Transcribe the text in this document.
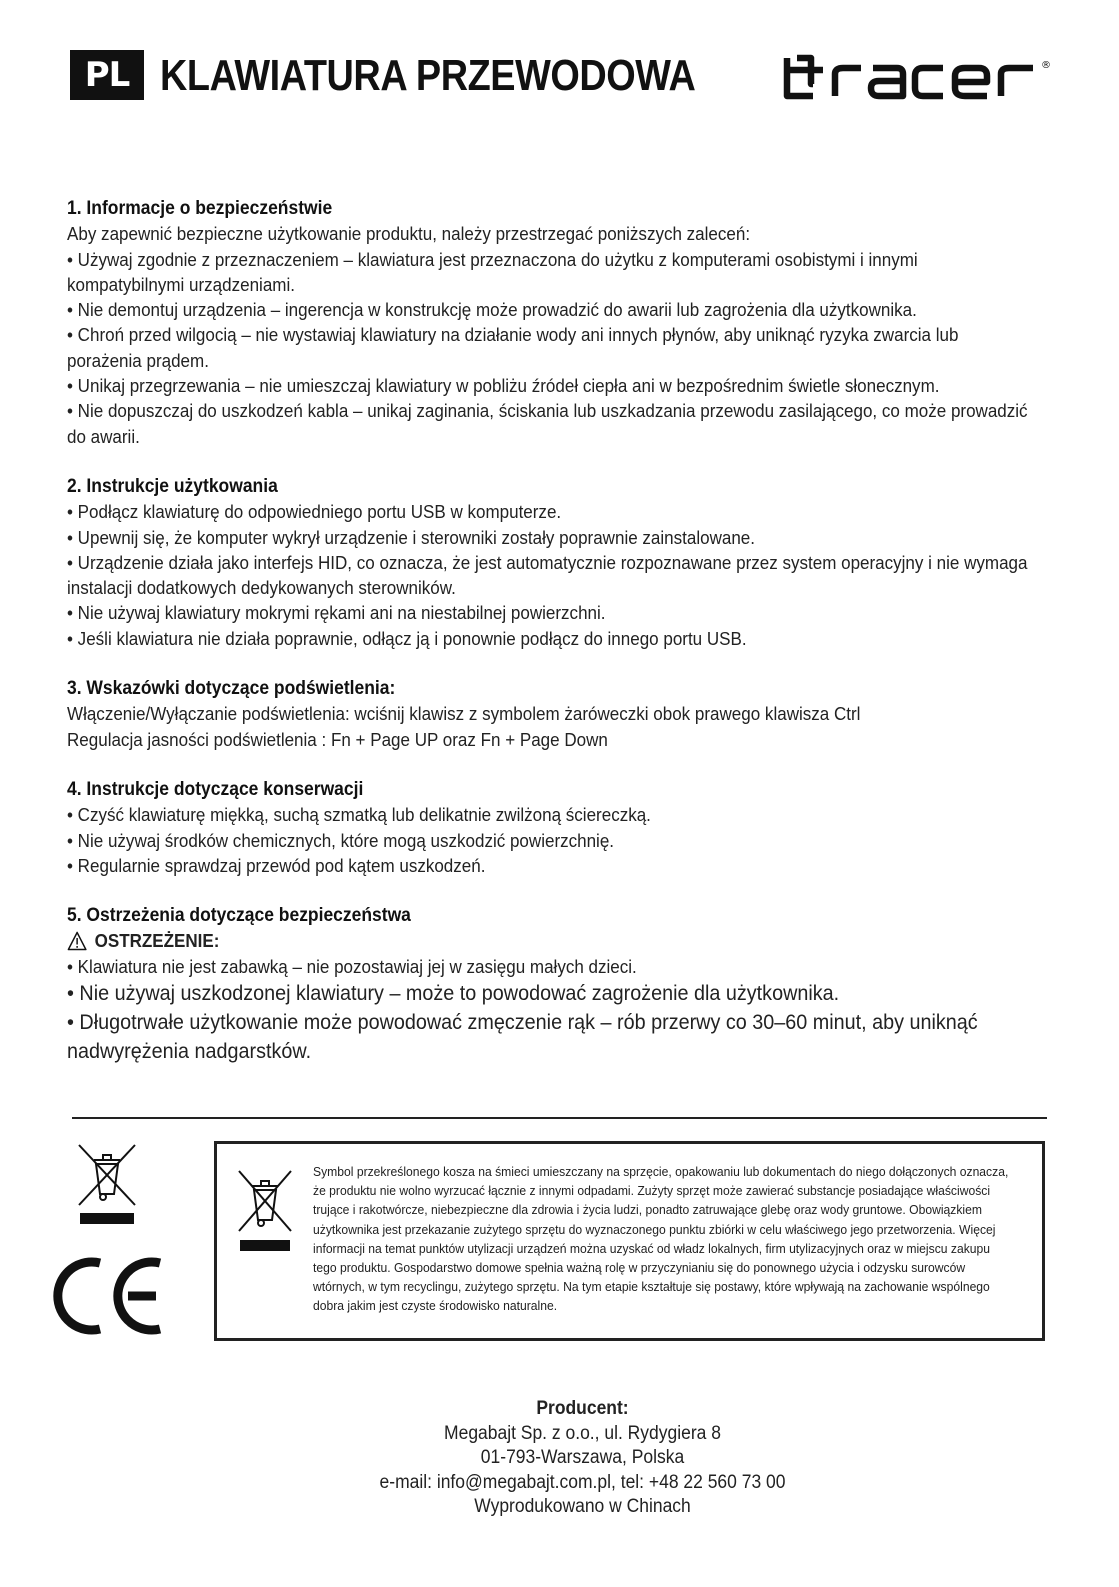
PL KLAWIATURA PRZEWODOWA	®
1. Informacje o bezpieczeństwie

Aby zapewnić bezpieczne użytkowanie produktu, należy przestrzegać poniższych zaleceń:

• Używaj zgodnie z przeznaczeniem – klawiatura jest przeznaczona do użytku z komputerami osobistymi i innymi kompatybilnymi urządzeniami.

• Nie demontuj urządzenia – ingerencja w konstrukcję może prowadzić do awarii lub zagrożenia dla użytkownika.

• Chroń przed wilgocią – nie wystawiaj klawiatury na działanie wody ani innych płynów, aby uniknąć ryzyka zwarcia lub porażenia prądem.

• Unikaj przegrzewania – nie umieszczaj klawiatury w pobliżu źródeł ciepła ani w bezpośrednim świetle słonecznym.

• Nie dopuszczaj do uszkodzeń kabla – unikaj zaginania, ściskania lub uszkadzania przewodu zasilającego, co może prowadzić do awarii.

2. Instrukcje użytkowania

• Podłącz klawiaturę do odpowiedniego portu USB w komputerze.

• Upewnij się, że komputer wykrył urządzenie i sterowniki zostały poprawnie zainstalowane.

• Urządzenie działa jako interfejs HID, co oznacza, że jest automatycznie rozpoznawane przez system operacyjny i nie wymaga instalacji dodatkowych dedykowanych sterowników.

• Nie używaj klawiatury mokrymi rękami ani na niestabilnej powierzchni.

• Jeśli klawiatura nie działa poprawnie, odłącz ją i ponownie podłącz do innego portu USB.

3. Wskazówki dotyczące podświetlenia:

Włączenie/Wyłączanie podświetlenia: wciśnij klawisz z symbolem żaróweczki obok prawego klawisza Ctrl

Regulacja jasności podświetlenia : Fn + Page UP oraz Fn + Page Down

4. Instrukcje dotyczące konserwacji

• Czyść klawiaturę miękką, suchą szmatką lub delikatnie zwilżoną ściereczką.

• Nie używaj środków chemicznych, które mogą uszkodzić powierzchnię.

• Regularnie sprawdzaj przewód pod kątem uszkodzeń.

5. Ostrzeżenia dotyczące bezpieczeństwa
OSTRZEŻENIE:

• Klawiatura nie jest zabawką – nie pozostawiaj jej w zasięgu małych dzieci.

• Nie używaj uszkodzonej klawiatury – może to powodować zagrożenie dla użytkownika.

• Długotrwałe użytkowanie może powodować zmęczenie rąk – rób przerwy co 30–60 minut, aby uniknąć nadwyrężenia nadgarstków.

Symbol przekreślonego kosza na śmieci umieszczany na sprzęcie, opakowaniu lub dokumentach do niego dołączonych oznacza, że produktu nie wolno wyrzucać łącznie z innymi odpadami. Zużyty sprzęt może zawierać substancje posiadające właściwości trujące i rakotwórcze, niebezpieczne dla zdrowia i życia ludzi, ponadto zatruwające glebę oraz wody gruntowe. Obowiązkiem użytkownika jest przekazanie zużytego sprzętu do wyznaczonego punktu zbiórki w celu właściwego jego przetworzenia. Więcej informacji na temat punktów utylizacji urządzeń można uzyskać od władz lokalnych, firm utylizacyjnych oraz w miejscu zakupu tego produktu. Gospodarstwo domowe spełnia ważną rolę w przyczynianiu się do ponownego użycia i odzysku surowców wtórnych, w tym recyclingu, zużytego sprzętu. Na tym etapie kształtuje się postawy, które wpływają na zachowanie wspólnego dobra jakim jest czyste środowisko naturalne.
Producent:
Megabajt Sp. z o.o., ul. Rydygiera 8
01-793-Warszawa, Polska
e-mail: info@megabajt.com.pl, tel: +48 22 560 73 00
Wyprodukowano w Chinach
